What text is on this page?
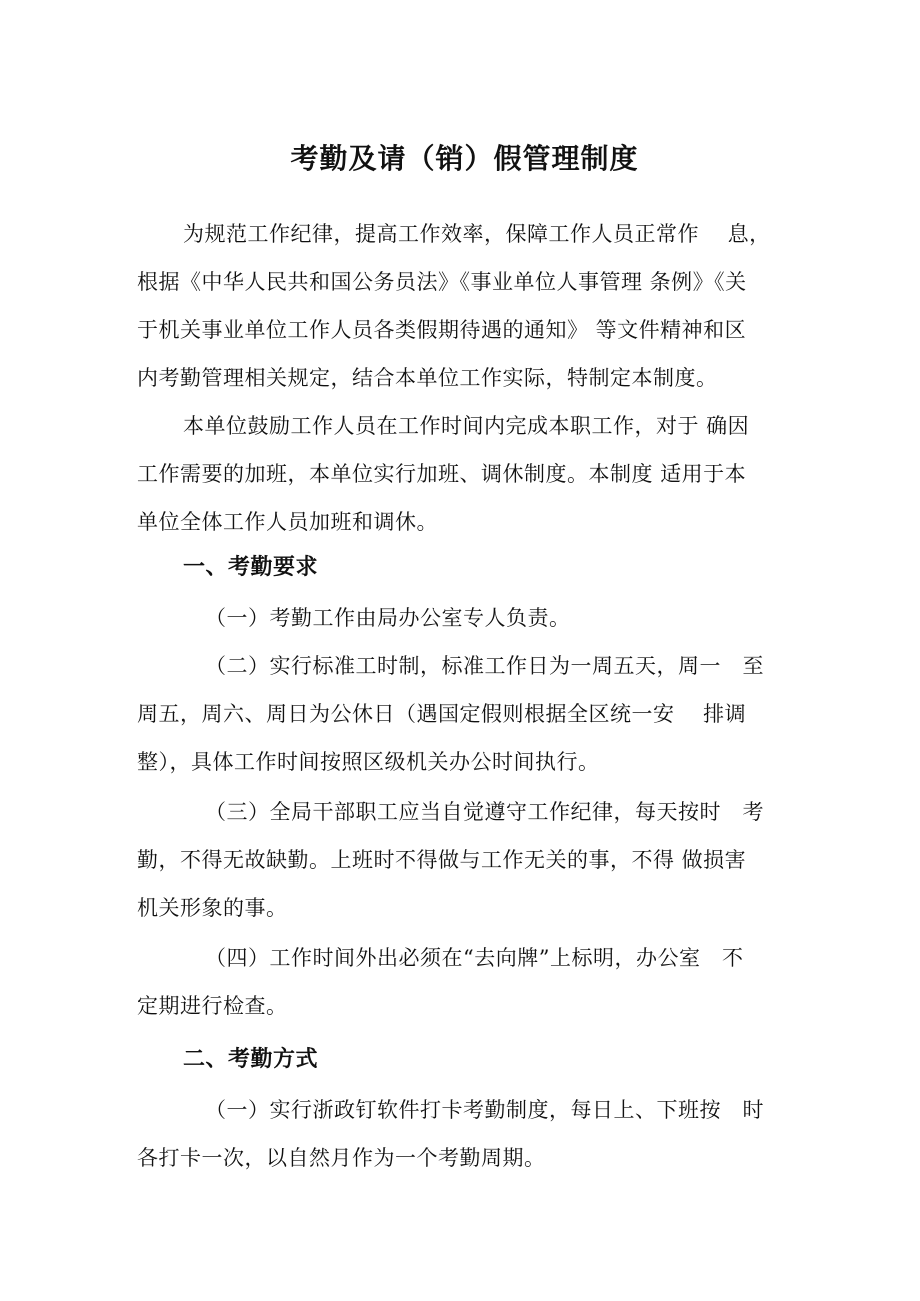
考勤及请（销）假管理制度

为规范工作纪律，提高工作效率，保障工作人员正常作　 息，
根据《中华人民共和国公务员法》《事业单位人事管理 条例》《关
于机关事业单位工作人员各类假期待遇的通知》 等文件精神和区
内考勤管理相关规定，结合本单位工作实际，特制定本制度。

本单位鼓励工作人员在工作时间内完成本职工作，对于 确因
工作需要的加班，本单位实行加班、调休制度。本制度 适用于本
单位全体工作人员加班和调休。

一、考勤要求

（一）考勤工作由局办公室专人负责。

（二）实行标准工时制，标准工作日为一周五天，周一　至
周五，周六、周日为公休日（遇国定假则根据全区统一安　 排调
整），具体工作时间按照区级机关办公时间执行。

（三）全局干部职工应当自觉遵守工作纪律，每天按时　考
勤，不得无故缺勤。上班时不得做与工作无关的事，不得 做损害
机关形象的事。

（四）工作时间外出必须在“去向牌”上标明，办公室　不
定期进行检查。

二、考勤方式

（一）实行浙政钉软件打卡考勤制度，每日上、下班按　时
各打卡一次，以自然月作为一个考勤周期。
